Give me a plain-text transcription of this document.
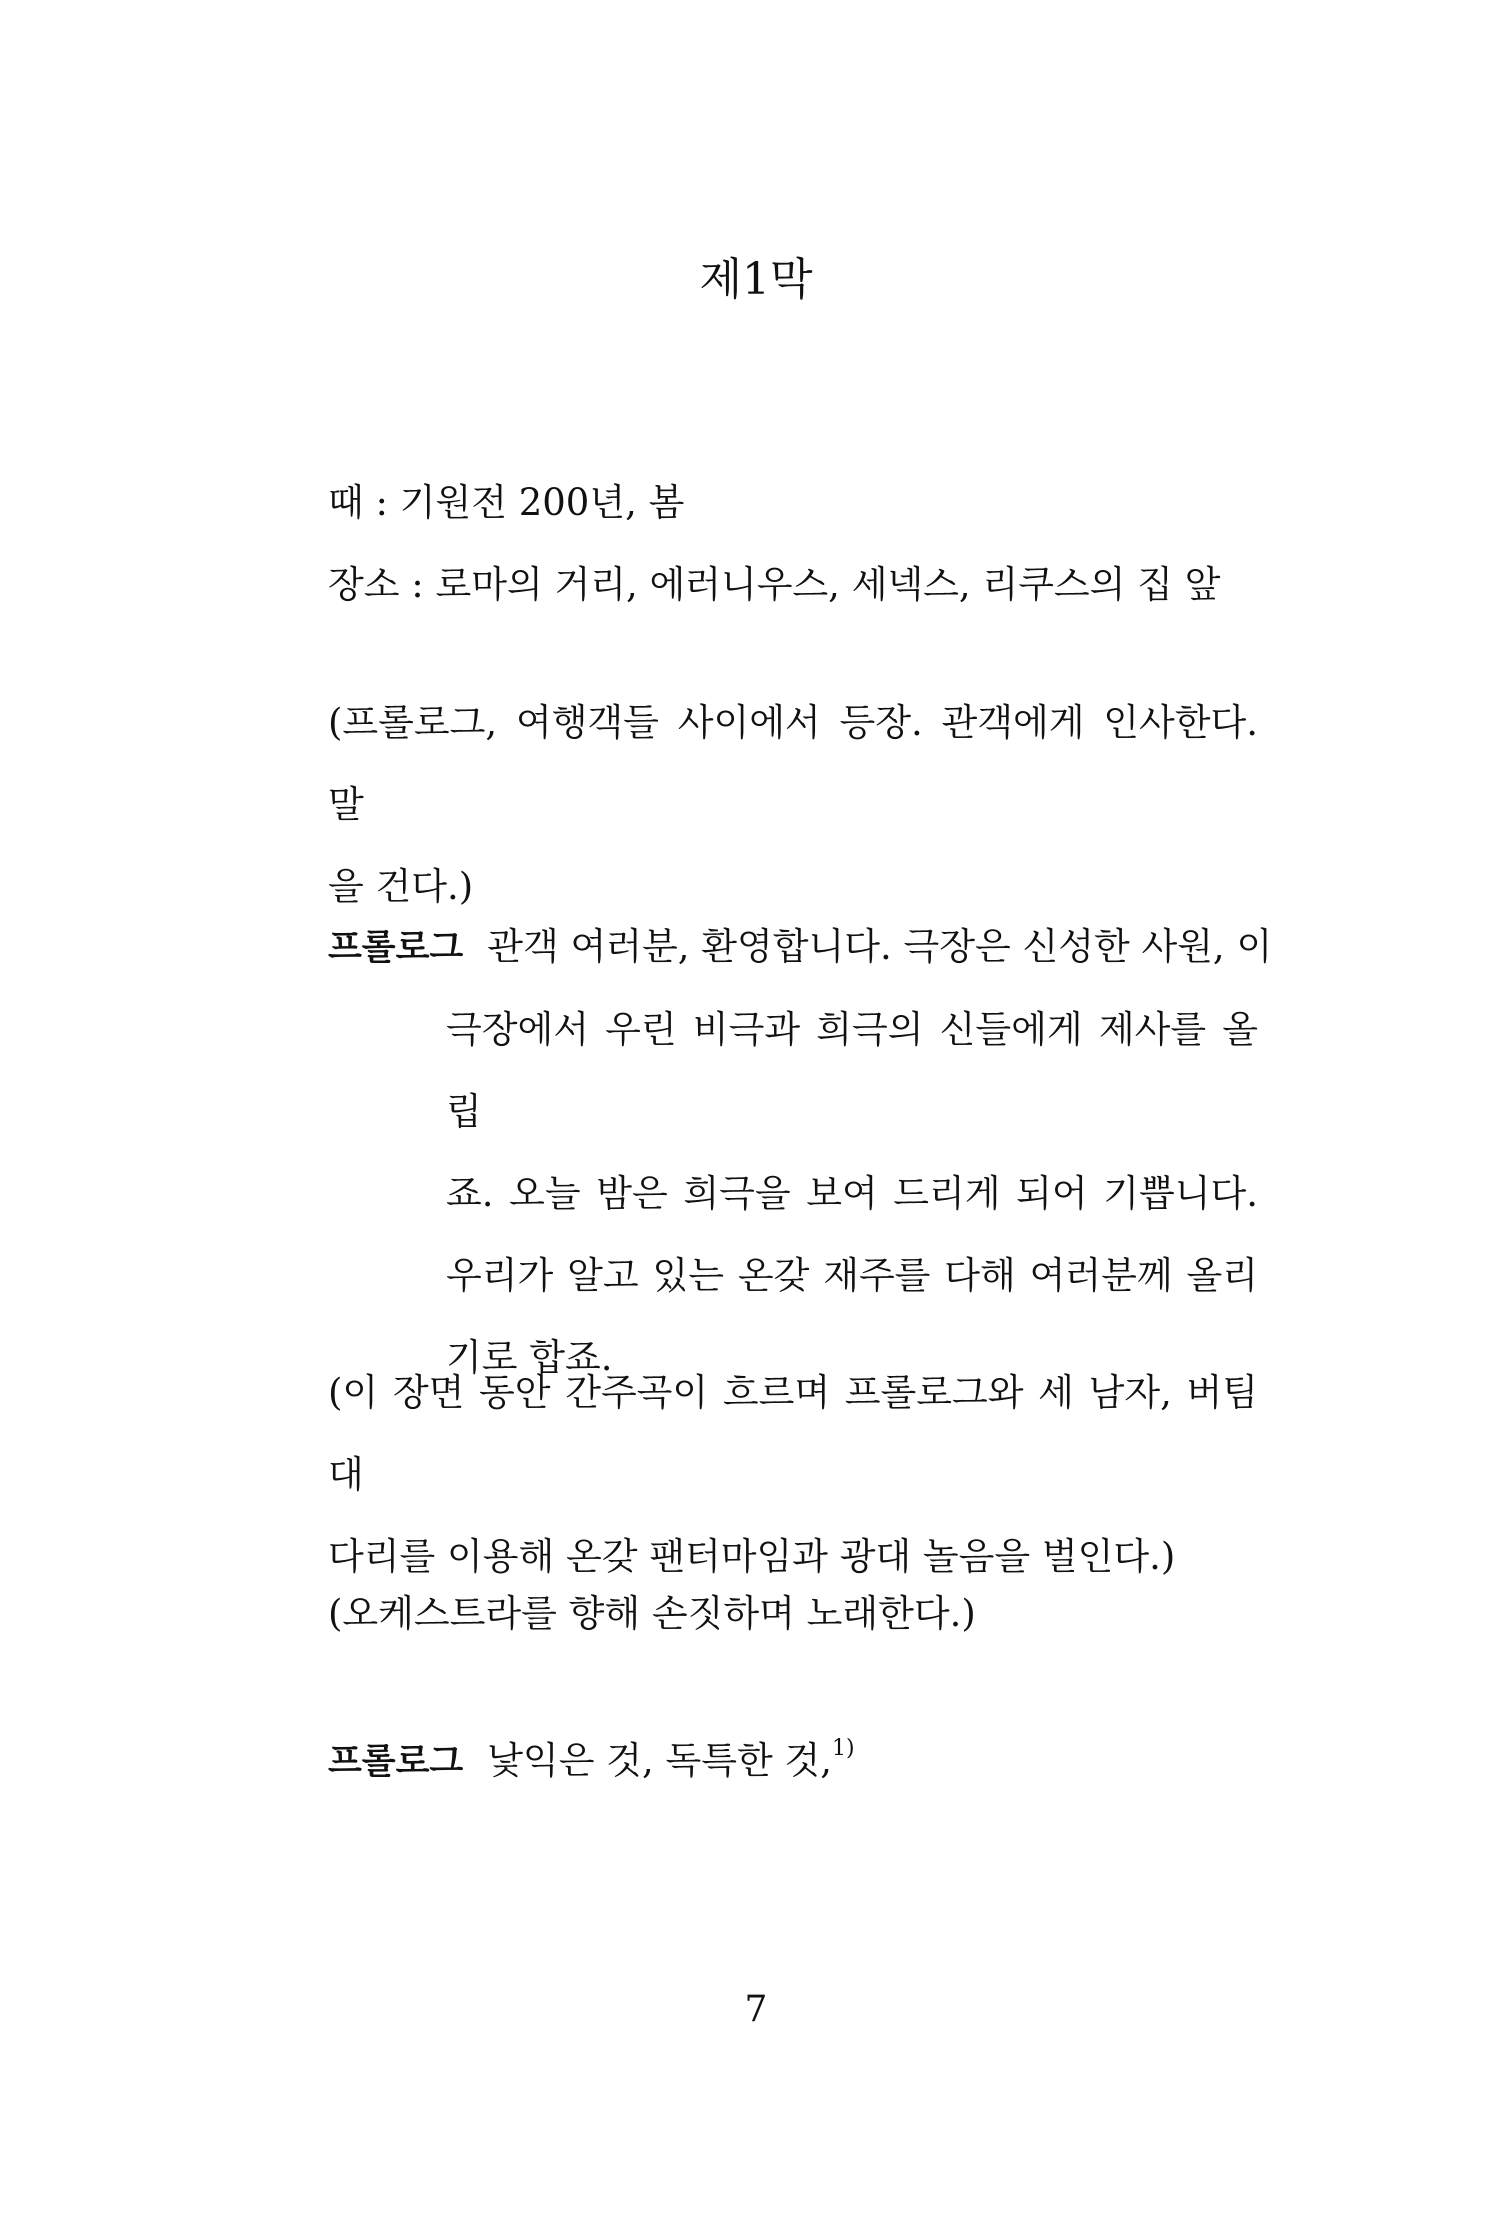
제1막
때 : 기원전 200년, 봄
장소 : 로마의 거리, 에러니우스, 세넥스, 리쿠스의 집 앞
(프롤로그, 여행객들 사이에서 등장. 관객에게 인사한다. 말
을 건다.)
프롤로그 관객 여러분, 환영합니다. 극장은 신성한 사원, 이
극장에서 우린 비극과 희극의 신들에게 제사를 올립
죠. 오늘 밤은 희극을 보여 드리게 되어 기쁩니다.
우리가 알고 있는 온갖 재주를 다해 여러분께 올리
기로 합죠.
(이 장면 동안 간주곡이 흐르며 프롤로그와 세 남자, 버팀대
다리를 이용해 온갖 팬터마임과 광대 놀음을 벌인다.)
(오케스트라를 향해 손짓하며 노래한다.)
프롤로그 낯익은 것, 독특한 것,$^{1)}$
7
